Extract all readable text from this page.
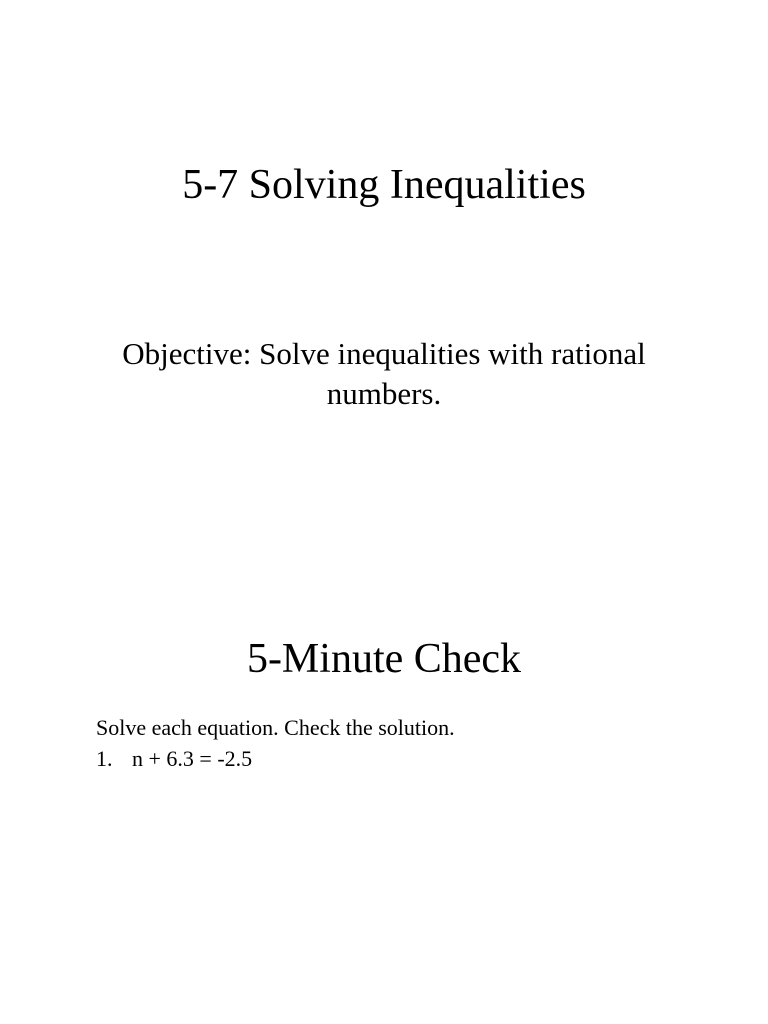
5-7 Solving Inequalities

Objective: Solve inequalities with rational numbers.

5-Minute Check

Solve each equation. Check the solution.

1. n + 6.3 = -2.5
